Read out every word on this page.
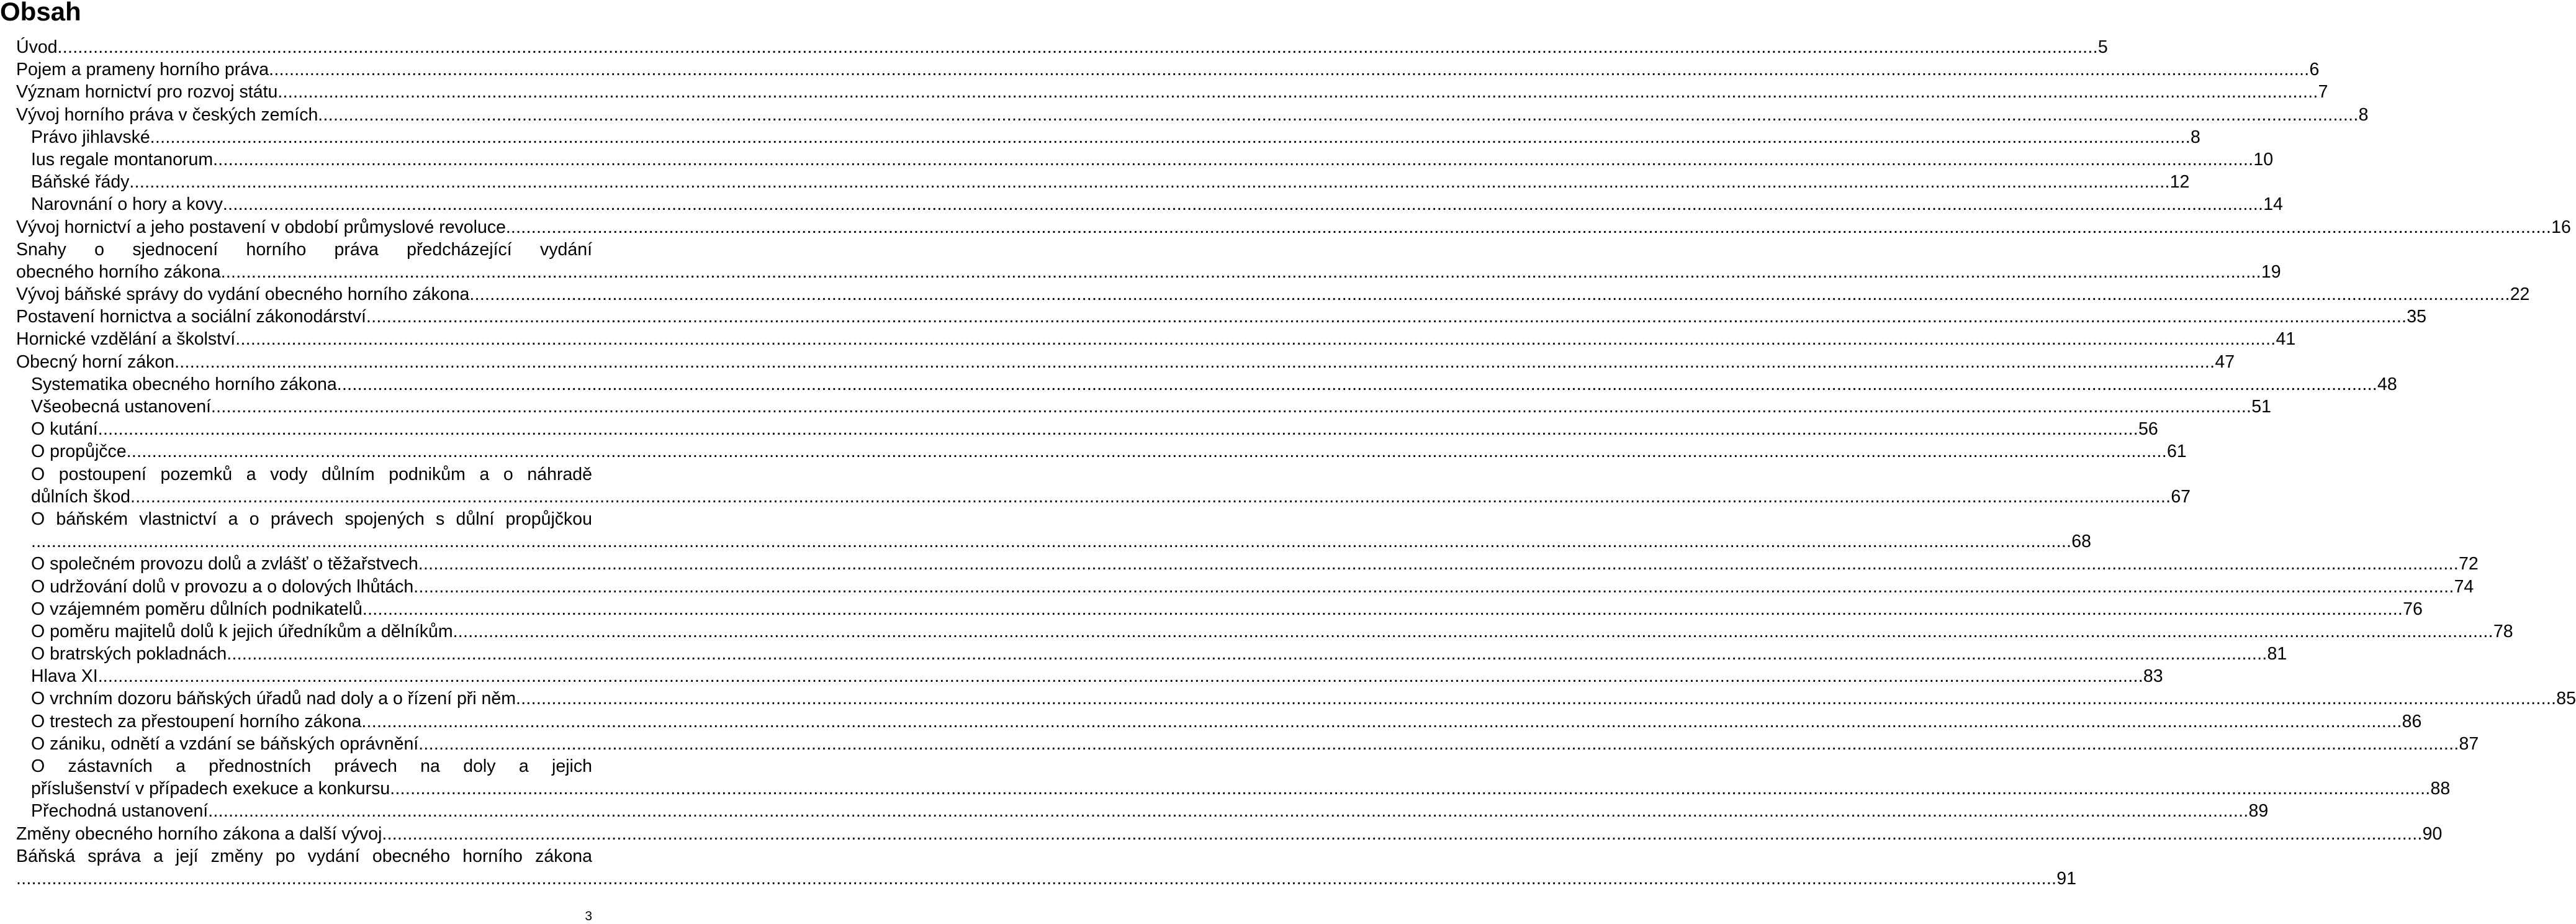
Obsah
Úvod ................................................................................................................................................................................................................................................................................................................................................................................................................ 5
Pojem a prameny horního práva ................................................................................................................................................................................................................................................................................................................................................................................................................ 6
Význam hornictví pro rozvoj státu ................................................................................................................................................................................................................................................................................................................................................................................................................ 7
Vývoj horního práva v českých zemích ................................................................................................................................................................................................................................................................................................................................................................................................................ 8
Právo jihlavské ................................................................................................................................................................................................................................................................................................................................................................................................................ 8
Ius regale montanorum ................................................................................................................................................................................................................................................................................................................................................................................................................ 10
Báňské řády ................................................................................................................................................................................................................................................................................................................................................................................................................ 12
Narovnání o hory a kovy ................................................................................................................................................................................................................................................................................................................................................................................................................ 14
Vývoj hornictví a jeho postavení v období průmyslové revoluce. ................................................................................................................................................................................................................................................................................................................................................................................................................ 16
Snahy o sjednocení horního práva předcházející vydání
obecného horního zákona ................................................................................................................................................................................................................................................................................................................................................................................................................ 19
Vývoj báňské správy do vydání obecného horního zákona ................................................................................................................................................................................................................................................................................................................................................................................................................ 22
Postavení hornictva a sociální zákonodárství ................................................................................................................................................................................................................................................................................................................................................................................................................ 35
Hornické vzdělání a školství ................................................................................................................................................................................................................................................................................................................................................................................................................ 41
Obecný horní zákon ................................................................................................................................................................................................................................................................................................................................................................................................................ 47
Systematika obecného horního zákona ................................................................................................................................................................................................................................................................................................................................................................................................................ 48
Všeobecná ustanovení ................................................................................................................................................................................................................................................................................................................................................................................................................ 51
O kutání ................................................................................................................................................................................................................................................................................................................................................................................................................ 56
O propůjčce ................................................................................................................................................................................................................................................................................................................................................................................................................ 61
O postoupení pozemků a vody důlním podnikům a o náhradě
důlních škod ................................................................................................................................................................................................................................................................................................................................................................................................................ 67
O báňském vlastnictví a o právech spojených s důlní propůjčkou
................................................................................................................................................................................................................................................................................................................................................................................................................ 68
O společném provozu dolů a zvlášť o těžařstvech ................................................................................................................................................................................................................................................................................................................................................................................................................ 72
O udržování dolů v provozu a o dolových lhůtách ................................................................................................................................................................................................................................................................................................................................................................................................................ 74
O vzájemném poměru důlních podnikatelů ................................................................................................................................................................................................................................................................................................................................................................................................................ 76
O poměru majitelů dolů k jejich úředníkům a dělníkům ................................................................................................................................................................................................................................................................................................................................................................................................................ 78
O bratrských pokladnách ................................................................................................................................................................................................................................................................................................................................................................................................................ 81
Hlava XI. ................................................................................................................................................................................................................................................................................................................................................................................................................ 83
O vrchním dozoru báňských úřadů nad doly a o řízení při něm ................................................................................................................................................................................................................................................................................................................................................................................................................ 85
O trestech za přestoupení horního zákona ................................................................................................................................................................................................................................................................................................................................................................................................................ 86
O zániku, odnětí a vzdání se báňských oprávnění ................................................................................................................................................................................................................................................................................................................................................................................................................ 87
O zástavních a přednostních právech na doly a jejich
příslušenství v případech exekuce a konkursu ................................................................................................................................................................................................................................................................................................................................................................................................................ 88
Přechodná ustanovení ................................................................................................................................................................................................................................................................................................................................................................................................................ 89
Změny obecného horního zákona a další vývoj ................................................................................................................................................................................................................................................................................................................................................................................................................ 90
Báňská správa a její změny po vydání obecného horního zákona
................................................................................................................................................................................................................................................................................................................................................................................................................ 91
3
